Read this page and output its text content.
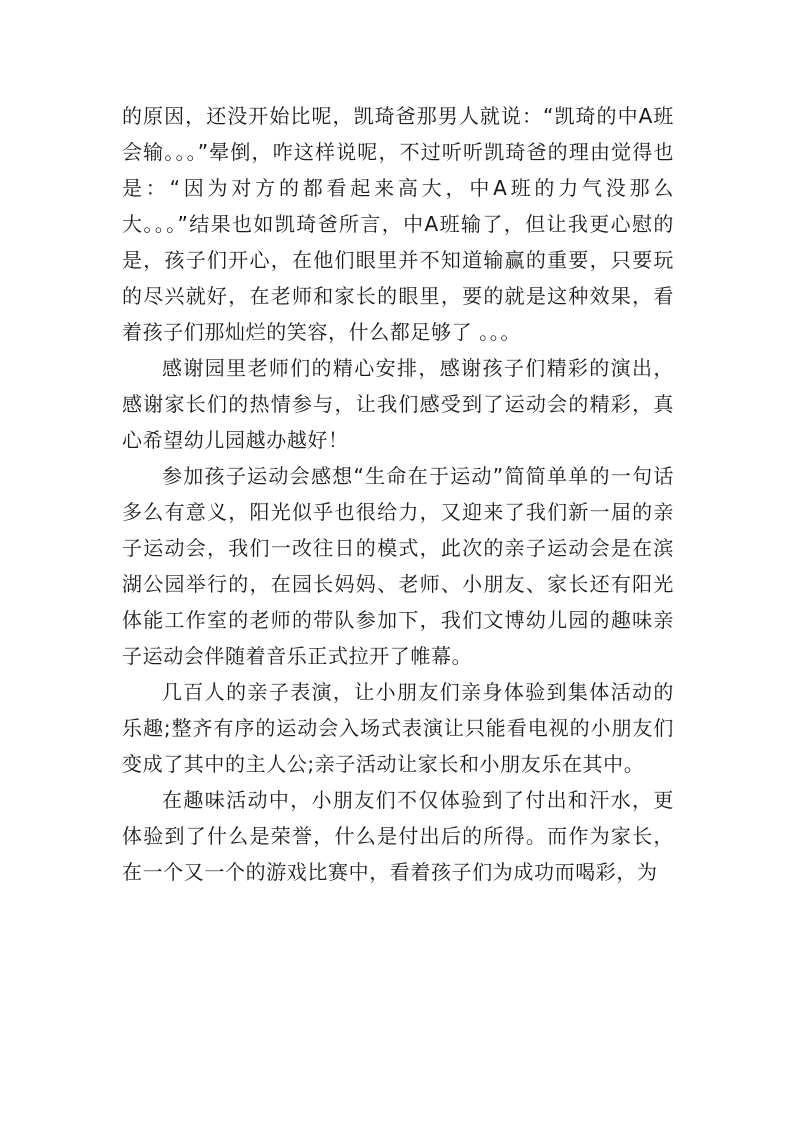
的原因，还没开始比呢，凯琦爸那男人就说：“凯琦的中A班会输。。。”晕倒，咋这样说呢，不过听听凯琦爸的理由觉得也是：“因为对方的都看起来高大，中A班的力气没那么大。。。”结果也如凯琦爸所言，中A班输了，但让我更心慰的是，孩子们开心，在他们眼里并不知道输赢的重要，只要玩的尽兴就好，在老师和家长的眼里，要的就是这种效果，看着孩子们那灿烂的笑容，什么都足够了 。。。

感谢园里老师们的精心安排，感谢孩子们精彩的演出，感谢家长们的热情参与，让我们感受到了运动会的精彩，真心希望幼儿园越办越好！

参加孩子运动会感想“生命在于运动”简简单单的一句话多么有意义，阳光似乎也很给力，又迎来了我们新一届的亲子运动会，我们一改往日的模式，此次的亲子运动会是在滨湖公园举行的，在园长妈妈、老师、小朋友、家长还有阳光体能工作室的老师的带队参加下，我们文博幼儿园的趣味亲子运动会伴随着音乐正式拉开了帷幕。

几百人的亲子表演，让小朋友们亲身体验到集体活动的乐趣;整齐有序的运动会入场式表演让只能看电视的小朋友们变成了其中的主人公;亲子活动让家长和小朋友乐在其中。

在趣味活动中，小朋友们不仅体验到了付出和汗水，更体验到了什么是荣誉，什么是付出后的所得。而作为家长，在一个又一个的游戏比赛中，看着孩子们为成功而喝彩，为
